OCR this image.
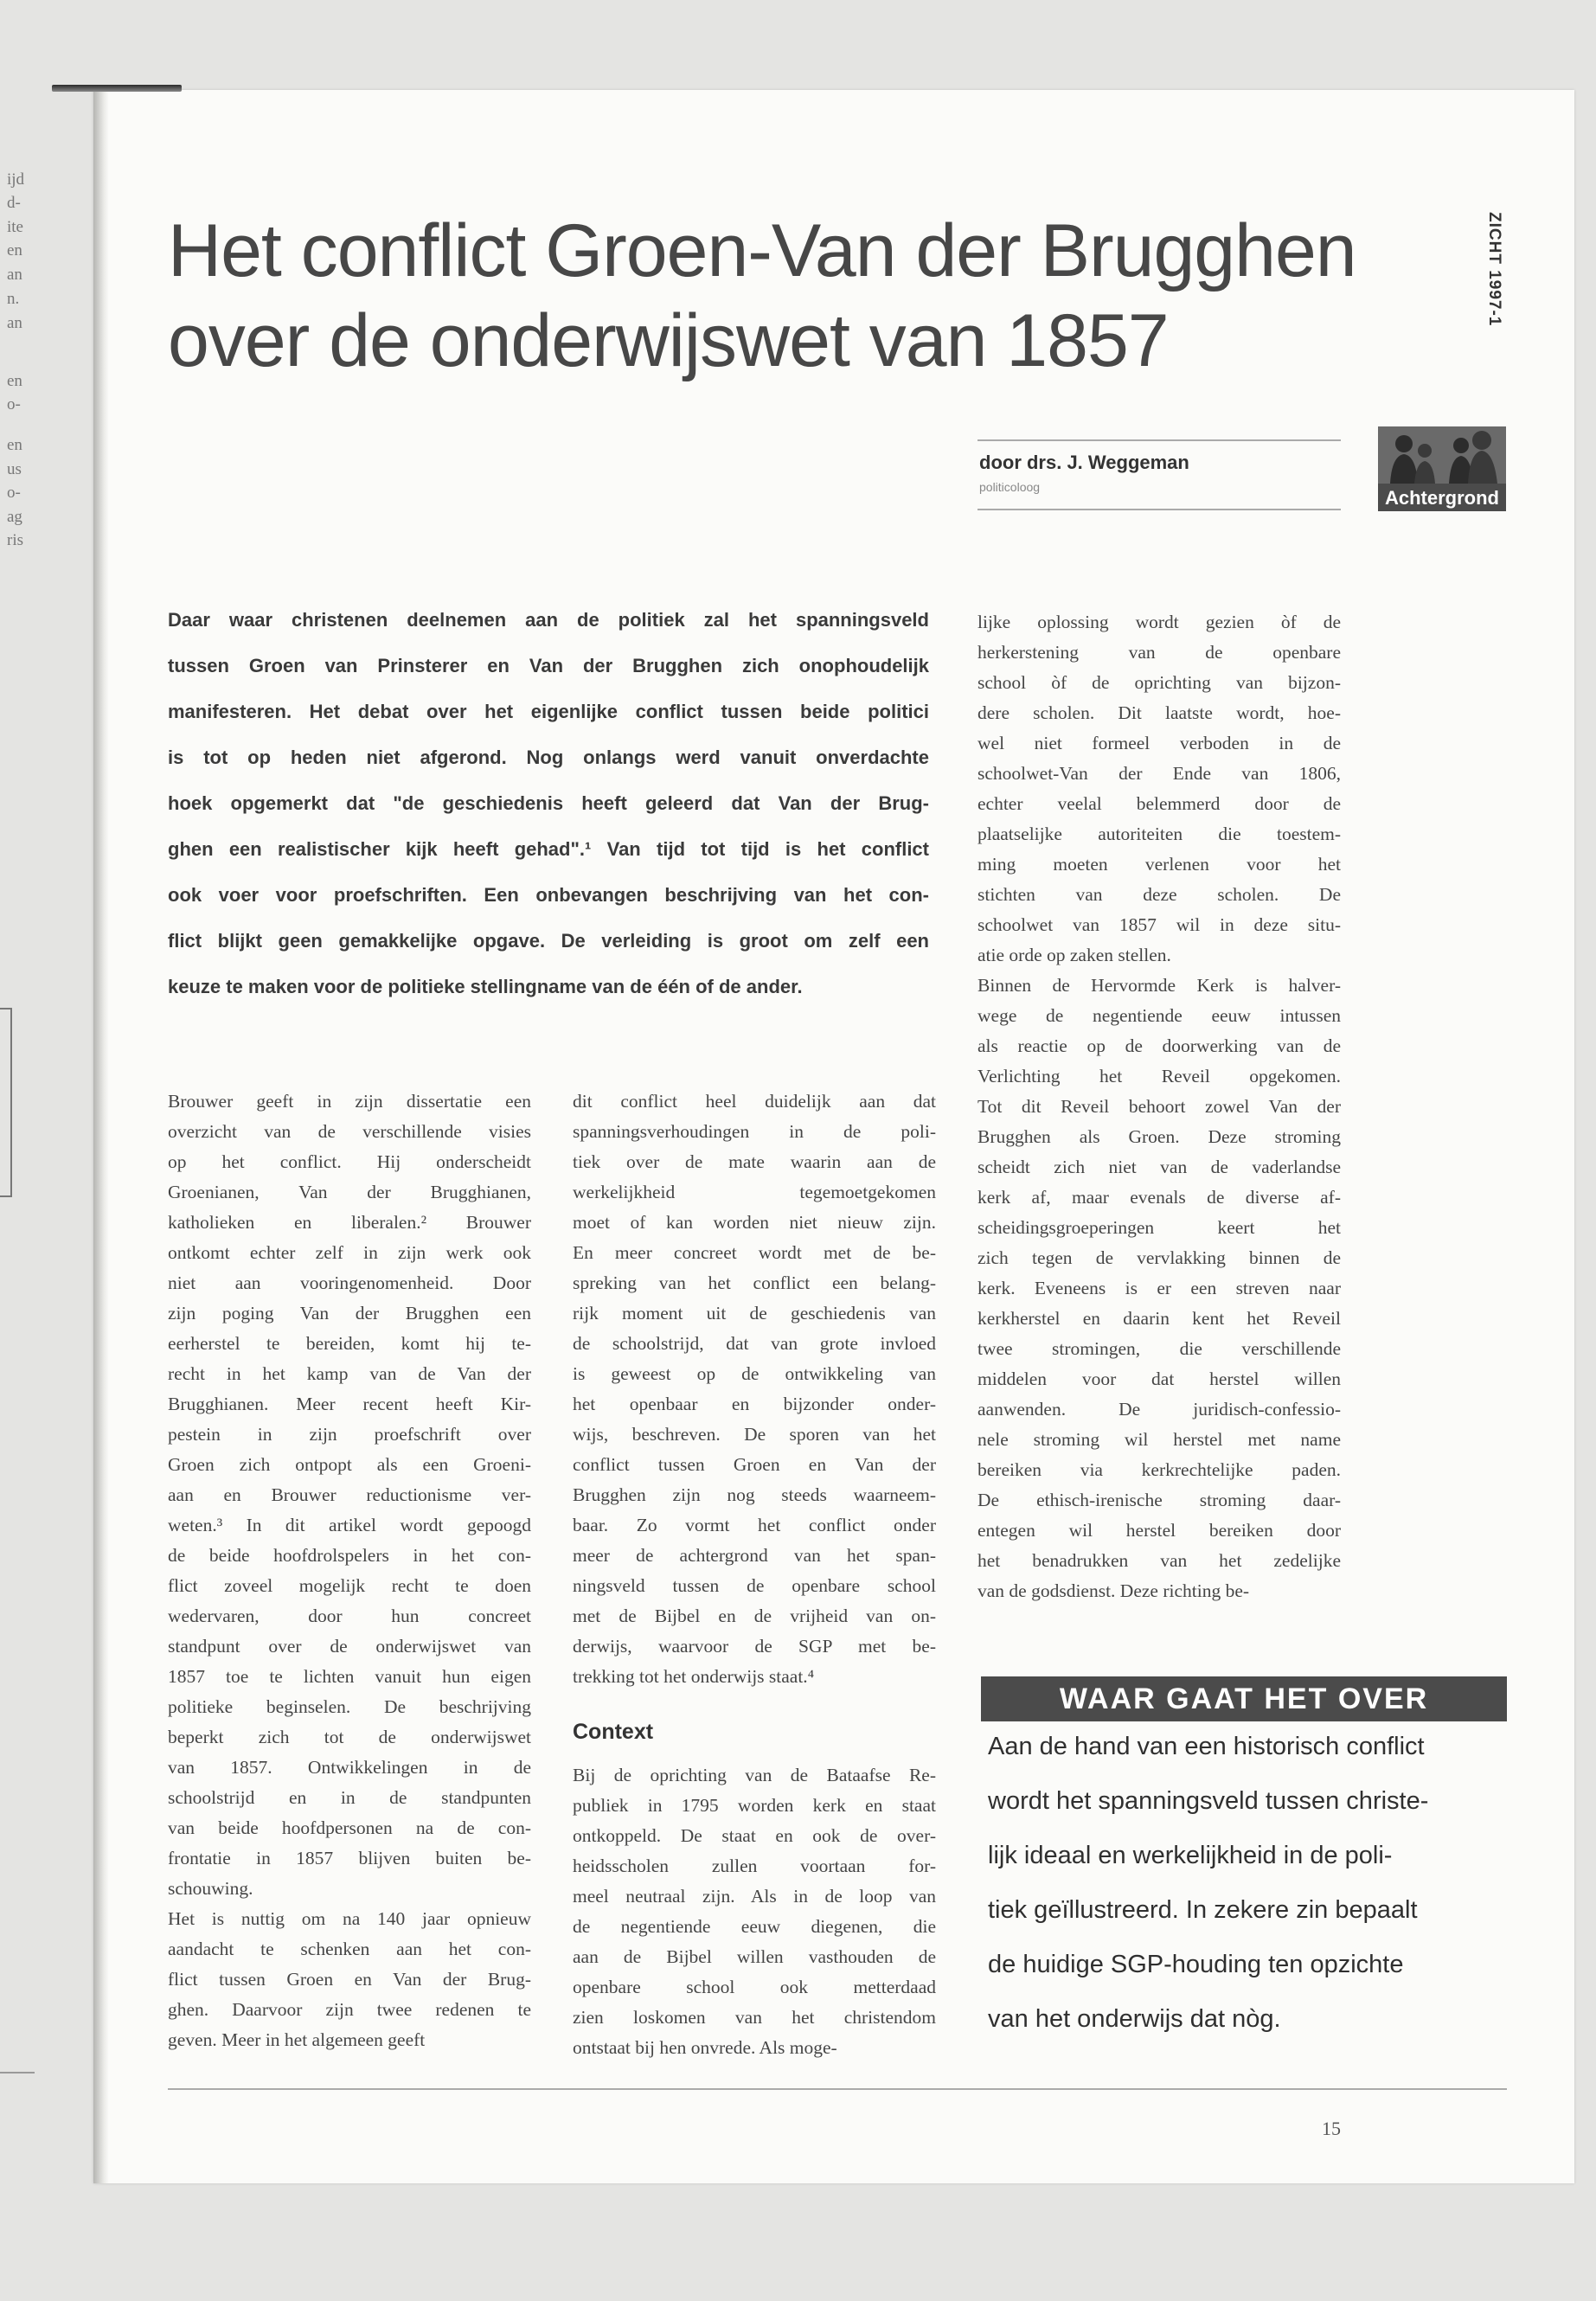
ijd
d-
ite
en
an
n.
an
en
o-
en
us
o-
ag
ris
ZICHT 1997-1
Achtergrond
Het conflict Groen-Van der Brugghen
over de onderwijswet van 1857
door drs. J. Weggeman
politicoloog
Daar waar christenen deelnemen aan de politiek zal het spanningsveld
tussen Groen van Prinsterer en Van der Brugghen zich onophoudelijk
manifesteren. Het debat over het eigenlijke conflict tussen beide politici
is tot op heden niet afgerond. Nog onlangs werd vanuit onverdachte
hoek opgemerkt dat "de geschiedenis heeft geleerd dat Van der Brug-
ghen een realistischer kijk heeft gehad".¹ Van tijd tot tijd is het conflict
ook voer voor proefschriften. Een onbevangen beschrijving van het con-
flict blijkt geen gemakkelijke opgave. De verleiding is groot om zelf een
keuze te maken voor de politieke stellingname van de één of de ander.
Brouwer geeft in zijn dissertatie een
overzicht van de verschillende visies
op het conflict. Hij onderscheidt
Groenianen, Van der Brugghianen,
katholieken en liberalen.² Brouwer
ontkomt echter zelf in zijn werk ook
niet aan vooringenomenheid. Door
zijn poging Van der Brugghen een
eerherstel te bereiden, komt hij te-
recht in het kamp van de Van der
Brugghianen. Meer recent heeft Kir-
pestein in zijn proefschrift over
Groen zich ontpopt als een Groeni-
aan en Brouwer reductionisme ver-
weten.³ In dit artikel wordt gepoogd
de beide hoofdrolspelers in het con-
flict zoveel mogelijk recht te doen
wedervaren, door hun concreet
standpunt over de onderwijswet van
1857 toe te lichten vanuit hun eigen
politieke beginselen. De beschrijving
beperkt zich tot de onderwijswet
van 1857. Ontwikkelingen in de
schoolstrijd en in de standpunten
van beide hoofdpersonen na de con-
frontatie in 1857 blijven buiten be-
schouwing.
Het is nuttig om na 140 jaar opnieuw
aandacht te schenken aan het con-
flict tussen Groen en Van der Brug-
ghen. Daarvoor zijn twee redenen te
geven. Meer in het algemeen geeft
dit conflict heel duidelijk aan dat
spanningsverhoudingen in de poli-
tiek over de mate waarin aan de
werkelijkheid tegemoetgekomen
moet of kan worden niet nieuw zijn.
En meer concreet wordt met de be-
spreking van het conflict een belang-
rijk moment uit de geschiedenis van
de schoolstrijd, dat van grote invloed
is geweest op de ontwikkeling van
het openbaar en bijzonder onder-
wijs, beschreven. De sporen van het
conflict tussen Groen en Van der
Brugghen zijn nog steeds waarneem-
baar. Zo vormt het conflict onder
meer de achtergrond van het span-
ningsveld tussen de openbare school
met de Bijbel en de vrijheid van on-
derwijs, waarvoor de SGP met be-
trekking tot het onderwijs staat.⁴
Context
Bij de oprichting van de Bataafse Re-
publiek in 1795 worden kerk en staat
ontkoppeld. De staat en ook de over-
heidsscholen zullen voortaan for-
meel neutraal zijn. Als in de loop van
de negentiende eeuw diegenen, die
aan de Bijbel willen vasthouden de
openbare school ook metterdaad
zien loskomen van het christendom
ontstaat bij hen onvrede. Als moge-
lijke oplossing wordt gezien òf de
herkerstening van de openbare
school òf de oprichting van bijzon-
dere scholen. Dit laatste wordt, hoe-
wel niet formeel verboden in de
schoolwet-Van der Ende van 1806,
echter veelal belemmerd door de
plaatselijke autoriteiten die toestem-
ming moeten verlenen voor het
stichten van deze scholen. De
schoolwet van 1857 wil in deze situ-
atie orde op zaken stellen.
Binnen de Hervormde Kerk is halver-
wege de negentiende eeuw intussen
als reactie op de doorwerking van de
Verlichting het Reveil opgekomen.
Tot dit Reveil behoort zowel Van der
Brugghen als Groen. Deze stroming
scheidt zich niet van de vaderlandse
kerk af, maar evenals de diverse af-
scheidingsgroeperingen keert het
zich tegen de vervlakking binnen de
kerk. Eveneens is er een streven naar
kerkherstel en daarin kent het Reveil
twee stromingen, die verschillende
middelen voor dat herstel willen
aanwenden. De juridisch-confessio-
nele stroming wil herstel met name
bereiken via kerkrechtelijke paden.
De ethisch-irenische stroming daar-
entegen wil herstel bereiken door
het benadrukken van het zedelijke
van de godsdienst. Deze richting be-
WAAR GAAT HET OVER
Aan de hand van een historisch conflict
wordt het spanningsveld tussen christe-
lijk ideaal en werkelijkheid in de poli-
tiek geïllustreerd. In zekere zin bepaalt
de huidige SGP-houding ten opzichte
van het onderwijs dat nòg.
15
